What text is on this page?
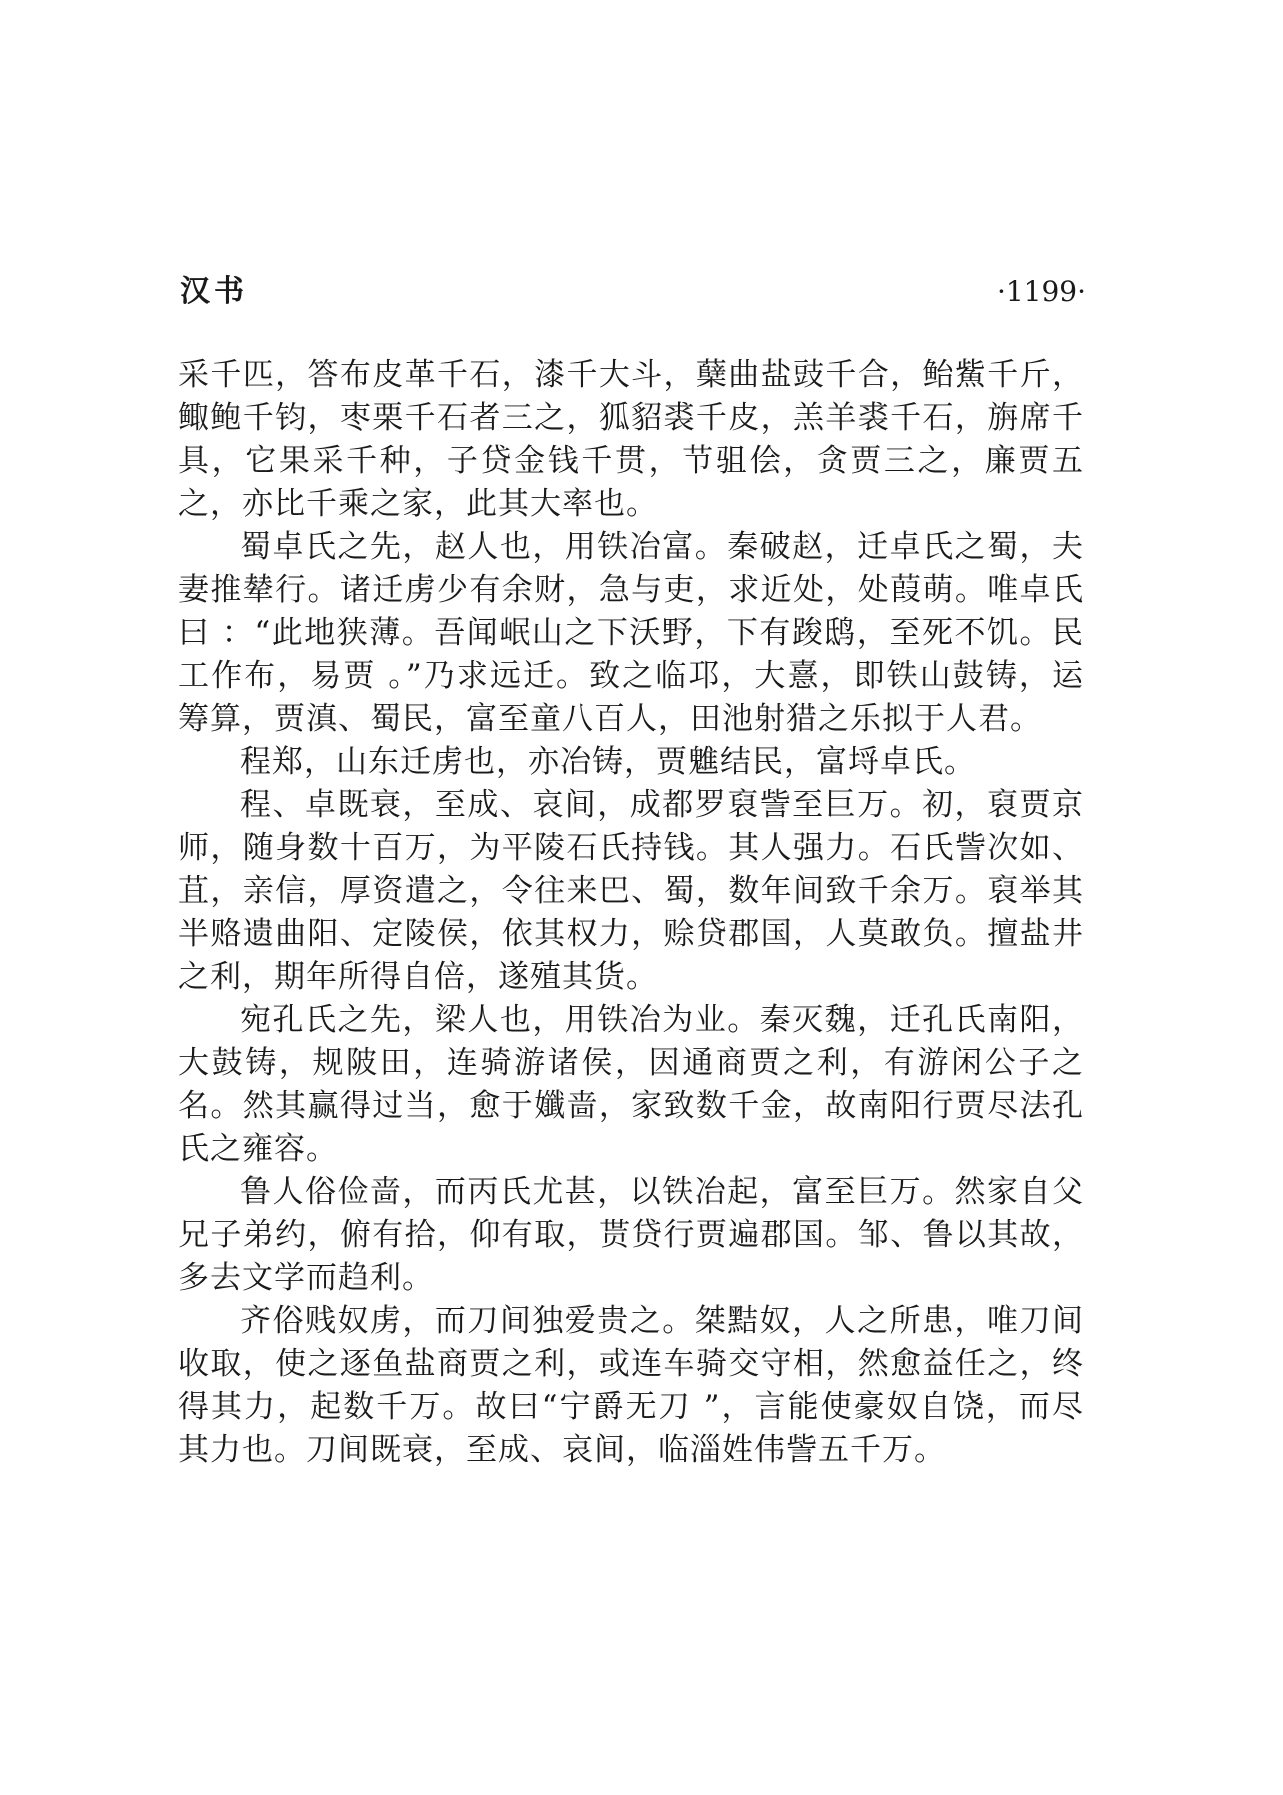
汉书	·1199·

采千匹，答布皮革千石，漆千大斗，蘖曲盐豉千合，鲐鮆千斤，鲰鲍千钧，枣栗千石者三之，狐貂裘千皮，羔羊裘千石，旃席千具，它果采千种，子贷金钱千贯，节驵侩，贪贾三之，廉贾五之，亦比千乘之家，此其大率也。

蜀卓氏之先，赵人也，用铁冶富。秦破赵，迁卓氏之蜀，夫妻推辇行。诸迁虏少有余财，急与吏，求近处，处葭萌。唯卓氏曰 ：“此地狭薄。吾闻岷山之下沃野，下有踆鸱，至死不饥。民工作布，易贾 。”乃求远迁。致之临邛，大憙，即铁山鼓铸，运筹算，贾滇、蜀民，富至童八百人，田池射猎之乐拟于人君。

程郑，山东迁虏也，亦冶铸，贾魋结民，富埒卓氏。

程、卓既衰，至成、哀间，成都罗裒訾至巨万。初，裒贾京师，随身数十百万，为平陵石氏持钱。其人强力。石氏訾次如、苴，亲信，厚资遣之，令往来巴、蜀，数年间致千余万。裒举其半赂遗曲阳、定陵侯，依其权力，赊贷郡国，人莫敢负。擅盐井之利，期年所得自倍，遂殖其货。

宛孔氏之先，梁人也，用铁冶为业。秦灭魏，迁孔氏南阳，大鼓铸，规陂田，连骑游诸侯，因通商贾之利，有游闲公子之名。然其赢得过当，愈于孅啬，家致数千金，故南阳行贾尽法孔氏之雍容。

鲁人俗俭啬，而丙氏尤甚，以铁冶起，富至巨万。然家自父兄子弟约，俯有拾，仰有取，贳贷行贾遍郡国。邹、鲁以其故，多去文学而趋利。

齐俗贱奴虏，而刀间独爱贵之。桀黠奴，人之所患，唯刀间收取，使之逐鱼盐商贾之利，或连车骑交守相，然愈益任之，终得其力，起数千万。故曰“宁爵无刀 ”，言能使豪奴自饶，而尽其力也。刀间既衰，至成、哀间，临淄姓伟訾五千万。
